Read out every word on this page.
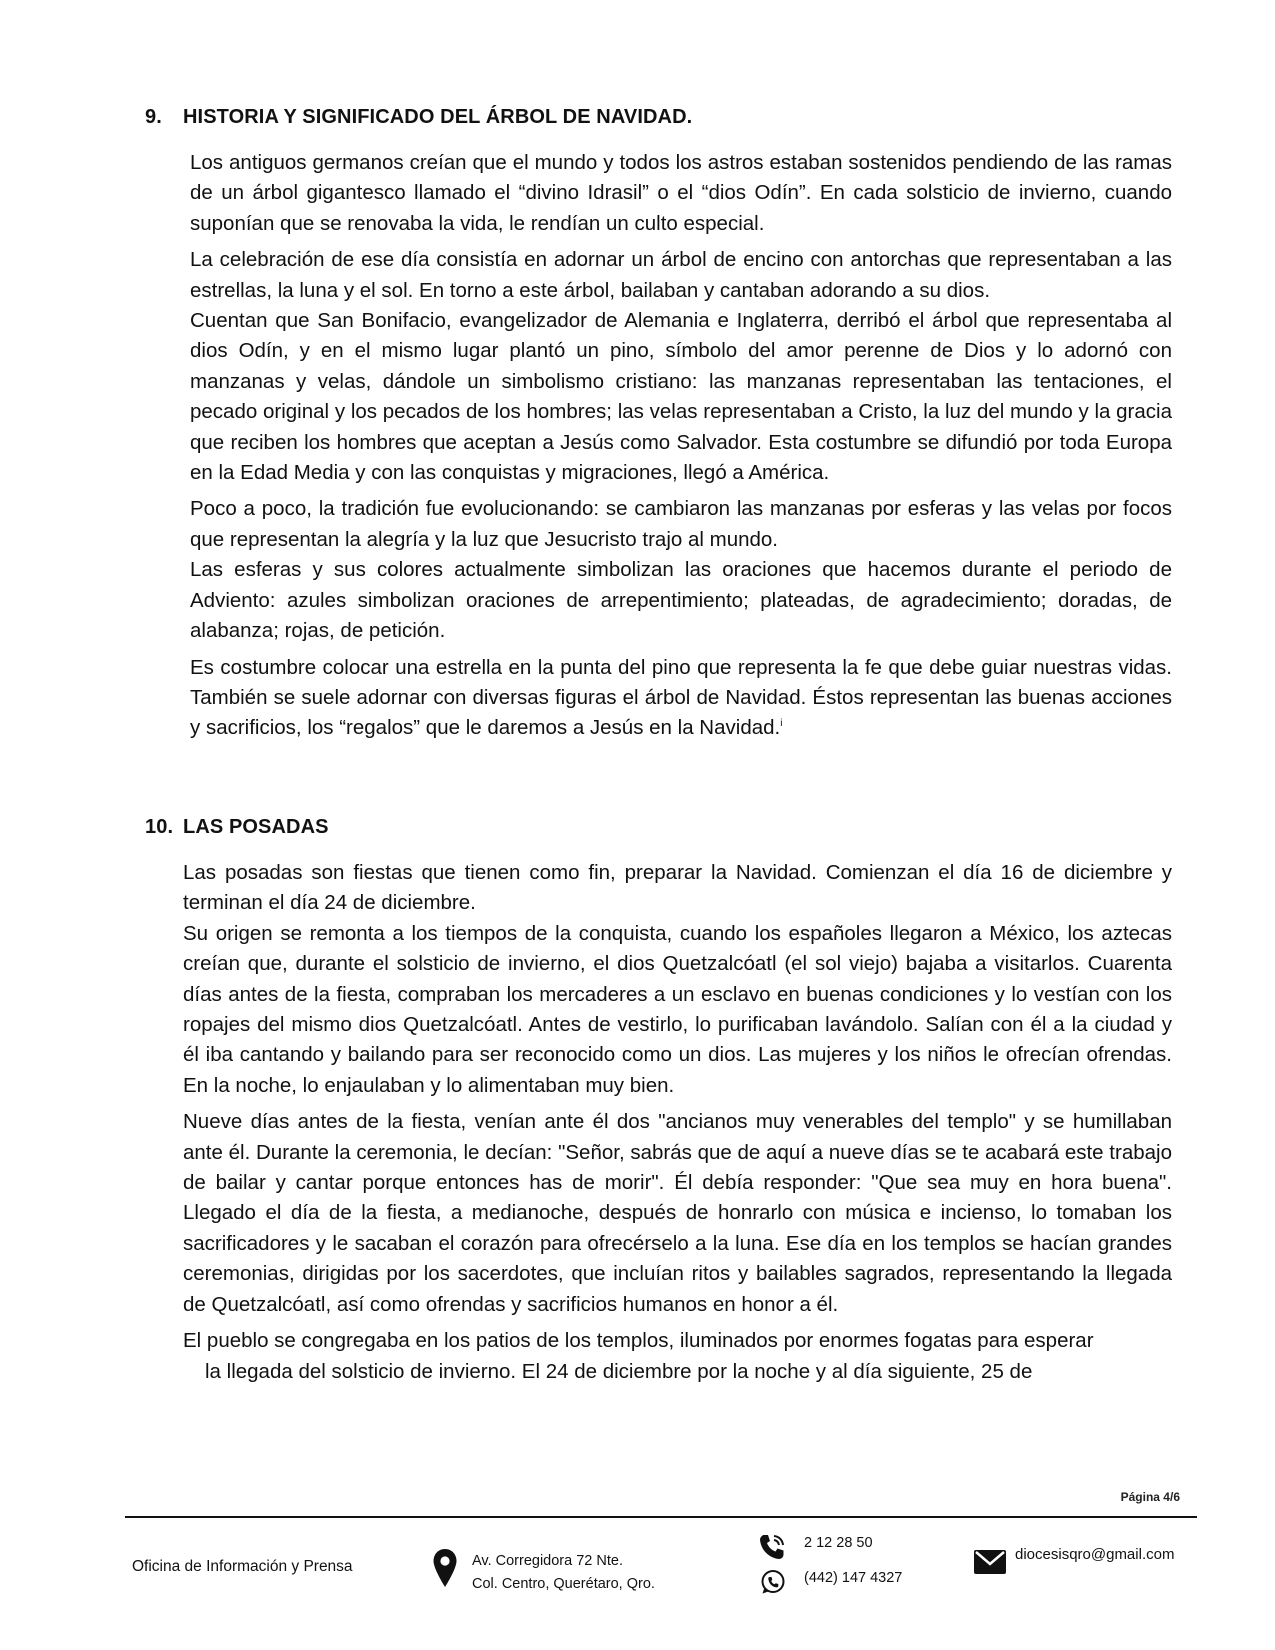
9. HISTORIA Y SIGNIFICADO DEL ÁRBOL DE NAVIDAD.

Los antiguos germanos creían que el mundo y todos los astros estaban sostenidos pendiendo de las ramas de un árbol gigantesco llamado el “divino Idrasil” o el “dios Odín”. En cada solsticio de invierno, cuando suponían que se renovaba la vida, le rendían un culto especial.

La celebración de ese día consistía en adornar un árbol de encino con antorchas que representaban a las estrellas, la luna y el sol. En torno a este árbol, bailaban y cantaban adorando a su dios.

Cuentan que San Bonifacio, evangelizador de Alemania e Inglaterra, derribó el árbol que representaba al dios Odín, y en el mismo lugar plantó un pino, símbolo del amor perenne de Dios y lo adornó con manzanas y velas, dándole un simbolismo cristiano: las manzanas representaban las tentaciones, el pecado original y los pecados de los hombres; las velas representaban a Cristo, la luz del mundo y la gracia que reciben los hombres que aceptan a Jesús como Salvador. Esta costumbre se difundió por toda Europa en la Edad Media y con las conquistas y migraciones, llegó a América.

Poco a poco, la tradición fue evolucionando: se cambiaron las manzanas por esferas y las velas por focos que representan la alegría y la luz que Jesucristo trajo al mundo.

Las esferas y sus colores actualmente simbolizan las oraciones que hacemos durante el periodo de Adviento: azules simbolizan oraciones de arrepentimiento; plateadas, de agradecimiento; doradas, de alabanza; rojas, de petición.

Es costumbre colocar una estrella en la punta del pino que representa la fe que debe guiar nuestras vidas. También se suele adornar con diversas figuras el árbol de Navidad. Éstos representan las buenas acciones y sacrificios, los “regalos” que le daremos a Jesús en la Navidad.$^i$

10. LAS POSADAS

Las posadas son fiestas que tienen como fin, preparar la Navidad. Comienzan el día 16 de diciembre y terminan el día 24 de diciembre.

Su origen se remonta a los tiempos de la conquista, cuando los españoles llegaron a México, los aztecas creían que, durante el solsticio de invierno, el dios Quetzalcóatl (el sol viejo) bajaba a visitarlos. Cuarenta días antes de la fiesta, compraban los mercaderes a un esclavo en buenas condiciones y lo vestían con los ropajes del mismo dios Quetzalcóatl. Antes de vestirlo, lo purificaban lavándolo. Salían con él a la ciudad y él iba cantando y bailando para ser reconocido como un dios. Las mujeres y los niños le ofrecían ofrendas. En la noche, lo enjaulaban y lo alimentaban muy bien.

Nueve días antes de la fiesta, venían ante él dos "ancianos muy venerables del templo" y se humillaban ante él. Durante la ceremonia, le decían: "Señor, sabrás que de aquí a nueve días se te acabará este trabajo de bailar y cantar porque entonces has de morir". Él debía responder: "Que sea muy en hora buena". Llegado el día de la fiesta, a medianoche, después de honrarlo con música e incienso, lo tomaban los sacrificadores y le sacaban el corazón para ofrecérselo a la luna. Ese día en los templos se hacían grandes ceremonias, dirigidas por los sacerdotes, que incluían ritos y bailables sagrados, representando la llegada de Quetzalcóatl, así como ofrendas y sacrificios humanos en honor a él.

El pueblo se congregaba en los patios de los templos, iluminados por enormes fogatas para esperar

la llegada del solsticio de invierno. El 24 de diciembre por la noche y al día siguiente, 25 de

Página 4/6
Oficina de Información y Prensa	Av. Corregidora 72 Nte.
Col. Centro, Querétaro, Qro.
2 12 28 50
(442) 147 4327
diocesisqro@gmail.com
